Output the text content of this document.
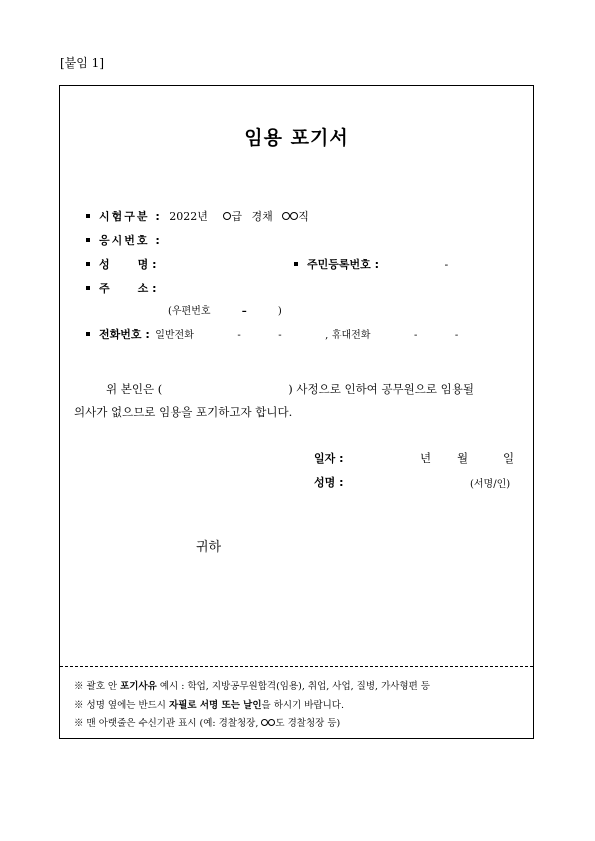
[붙임 1]
임용 포기서
시험구분 : 2022년 급 경채 직
응시번호 :
성	명 :	주민등록번호 :	-
주	소 :
(우편번호	–	)
전화번호 : 일반전화	-	-	, 휴대전화	-	-
위 본인은 (	) 사정으로 인하여 공무원으로 임용될
의사가 없으므로 임용을 포기하고자 합니다.
일자 :	년 월	일
성명 :	(서명/인)
귀하
※ 괄호 안 포기사유 예시 : 학업, 지방공무원합격(임용), 취업, 사업, 질병, 가사형편 등
※ 성명 옆에는 반드시 자필로 서명 또는 날인을 하시기 바랍니다.
※ 맨 아랫줄은 수신기관 표시 (예: 경찰청장, 도 경찰청장 등)
